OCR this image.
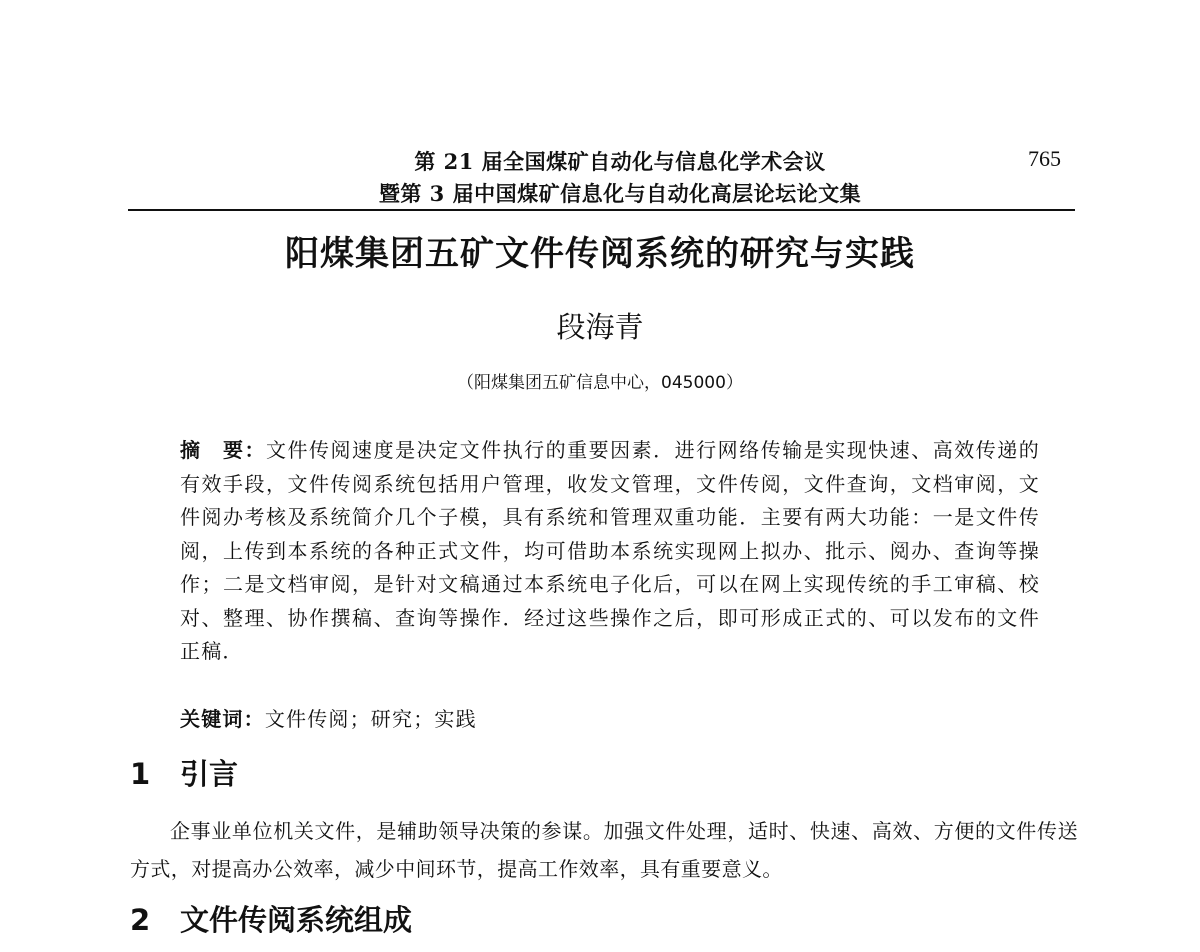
第 21 届全国煤矿自动化与信息化学术会议
暨第 3 届中国煤矿信息化与自动化高层论坛论文集
765
阳煤集团五矿文件传阅系统的研究与实践
段海青
（阳煤集团五矿信息中心，045000）
摘　要：文件传阅速度是决定文件执行的重要因素．进行网络传输是实现快速、高效传递的有效手段，文件传阅系统包括用户管理，收发文管理，文件传阅，文件查询，文档审阅，文件阅办考核及系统简介几个子模，具有系统和管理双重功能．主要有两大功能：一是文件传阅，上传到本系统的各种正式文件，均可借助本系统实现网上拟办、批示、阅办、查询等操作；二是文档审阅，是针对文稿通过本系统电子化后，可以在网上实现传统的手工审稿、校对、整理、协作撰稿、查询等操作．经过这些操作之后，即可形成正式的、可以发布的文件正稿．
关键词：文件传阅；研究；实践
1 引言
企事业单位机关文件，是辅助领导决策的参谋。加强文件处理，适时、快速、高效、方便的文件传送方式，对提高办公效率，减少中间环节，提高工作效率，具有重要意义。
2 文件传阅系统组成
